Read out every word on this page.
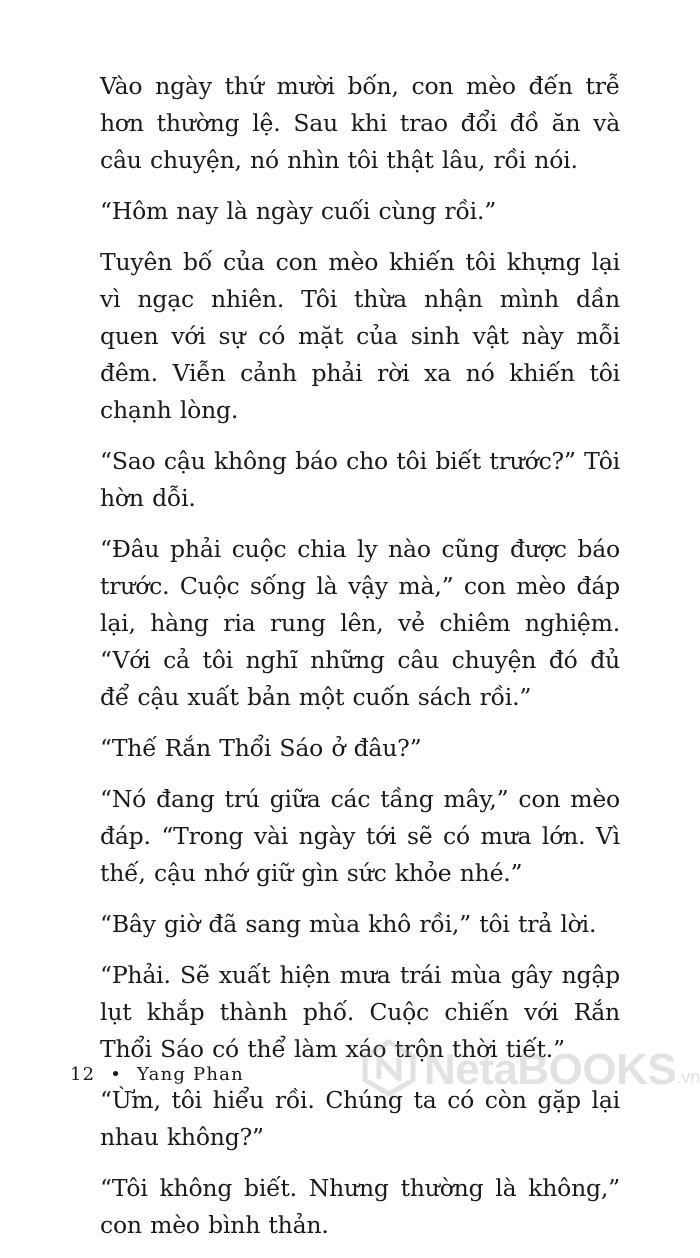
Vào ngày thứ mười bốn, con mèo đến trễ hơn thường lệ. Sau khi trao đổi đồ ăn và câu chuyện, nó nhìn tôi thật lâu, rồi nói.

“Hôm nay là ngày cuối cùng rồi.”

Tuyên bố của con mèo khiến tôi khựng lại vì ngạc nhiên. Tôi thừa nhận mình dần quen với sự có mặt của sinh vật này mỗi đêm. Viễn cảnh phải rời xa nó khiến tôi chạnh lòng.

“Sao cậu không báo cho tôi biết trước?” Tôi hờn dỗi.

“Đâu phải cuộc chia ly nào cũng được báo trước. Cuộc sống là vậy mà,” con mèo đáp lại, hàng ria rung lên, vẻ chiêm nghiệm. “Với cả tôi nghĩ những câu chuyện đó đủ để cậu xuất bản một cuốn sách rồi.”

“Thế Rắn Thổi Sáo ở đâu?”

“Nó đang trú giữa các tầng mây,” con mèo đáp. “Trong vài ngày tới sẽ có mưa lớn. Vì thế, cậu nhớ giữ gìn sức khỏe nhé.”

“Bây giờ đã sang mùa khô rồi,” tôi trả lời.

“Phải. Sẽ xuất hiện mưa trái mùa gây ngập lụt khắp thành phố. Cuộc chiến với Rắn Thổi Sáo có thể làm xáo trộn thời tiết.”

“Ừm, tôi hiểu rồi. Chúng ta có còn gặp lại nhau không?”

“Tôi không biết. Nhưng thường là không,” con mèo bình thản.

12 • Yang Phan	NetaBOOKS .vn
